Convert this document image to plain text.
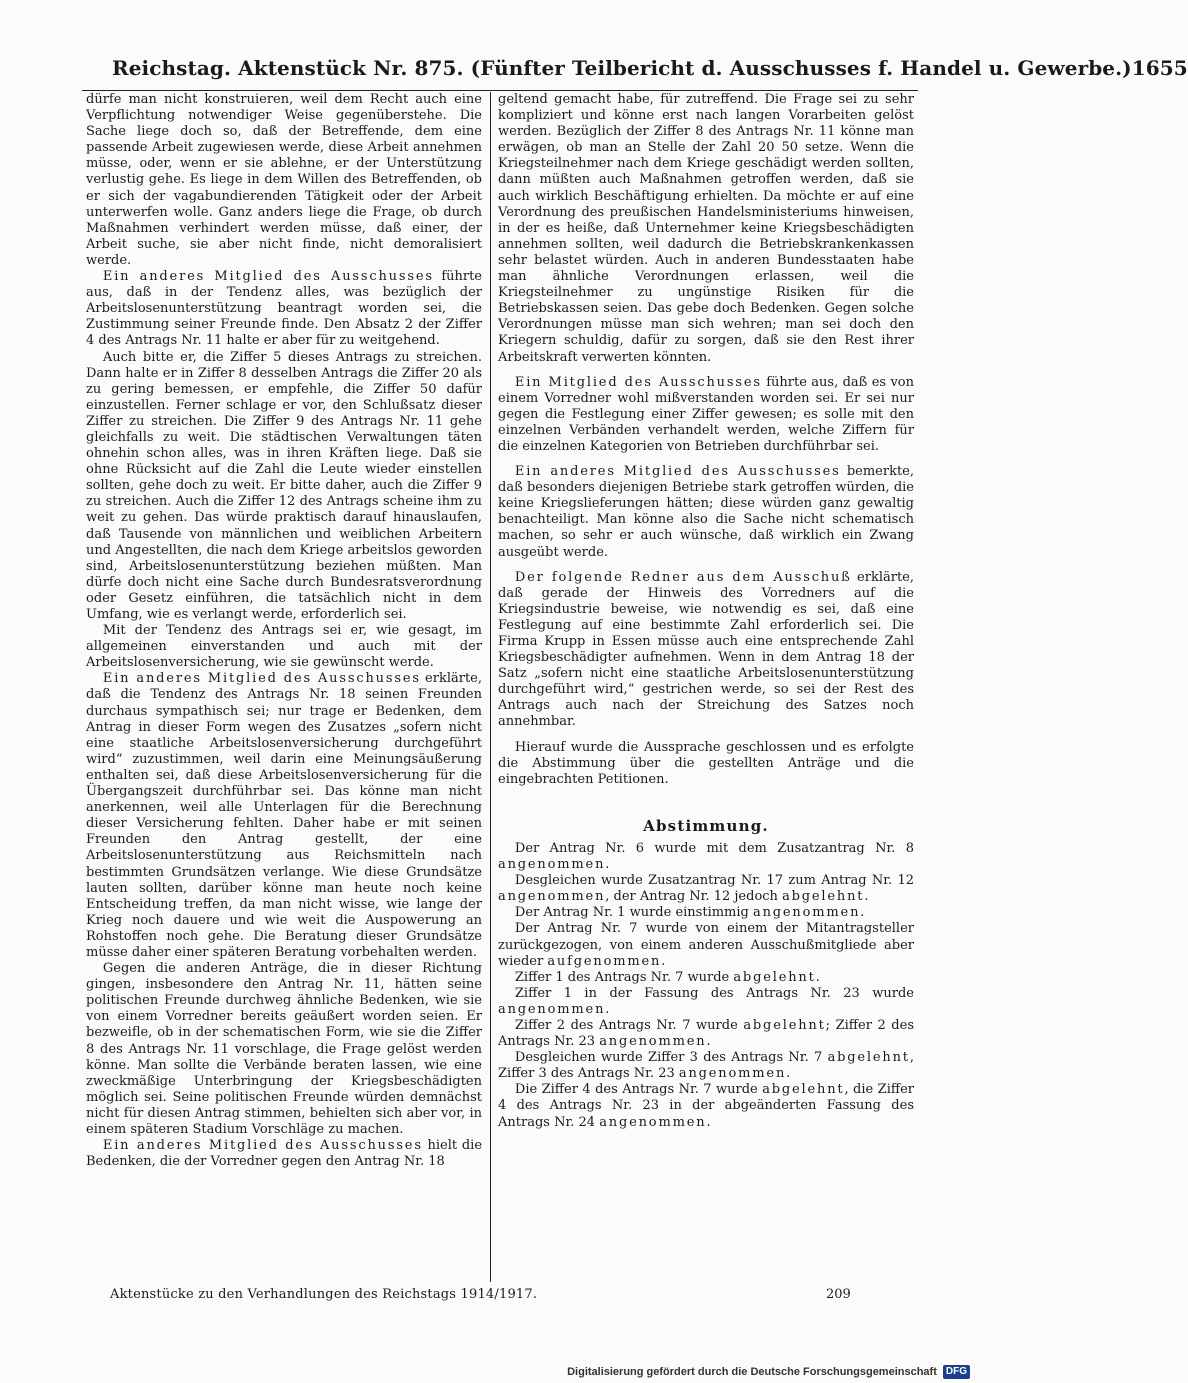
Reichstag. Aktenstück Nr. 875. (Fünfter Teilbericht d. Ausschusses f. Handel u. Gewerbe.) 1655

dürfe man nicht konstruieren, weil dem Recht auch eine Verpflichtung notwendiger Weise gegenüberstehe. Die Sache liege doch so, daß der Betreffende, dem eine passende Arbeit zugewiesen werde, diese Arbeit annehmen müsse, oder, wenn er sie ablehne, er der Unterstützung verlustig gehe. Es liege in dem Willen des Betreffenden, ob er sich der vagabundierenden Tätigkeit oder der Arbeit unterwerfen wolle. Ganz anders liege die Frage, ob durch Maßnahmen verhindert werden müsse, daß einer, der Arbeit suche, sie aber nicht finde, nicht demoralisiert werde.

Ein anderes Mitglied des Ausschusses führte aus, daß in der Tendenz alles, was bezüglich der Arbeitslosenunterstützung beantragt worden sei, die Zustimmung seiner Freunde finde. Den Absatz 2 der Ziffer 4 des Antrags Nr. 11 halte er aber für zu weitgehend.

Auch bitte er, die Ziffer 5 dieses Antrags zu streichen. Dann halte er in Ziffer 8 desselben Antrags die Ziffer 20 als zu gering bemessen, er empfehle, die Ziffer 50 dafür einzustellen. Ferner schlage er vor, den Schlußsatz dieser Ziffer zu streichen. Die Ziffer 9 des Antrags Nr. 11 gehe gleichfalls zu weit. Die städtischen Verwaltungen täten ohnehin schon alles, was in ihren Kräften liege. Daß sie ohne Rücksicht auf die Zahl die Leute wieder einstellen sollten, gehe doch zu weit. Er bitte daher, auch die Ziffer 9 zu streichen. Auch die Ziffer 12 des Antrags scheine ihm zu weit zu gehen. Das würde praktisch darauf hinauslaufen, daß Tausende von männlichen und weiblichen Arbeitern und Angestellten, die nach dem Kriege arbeitslos geworden sind, Arbeitslosenunterstützung beziehen müßten. Man dürfe doch nicht eine Sache durch Bundesratsverordnung oder Gesetz einführen, die tatsächlich nicht in dem Umfang, wie es verlangt werde, erforderlich sei.

Mit der Tendenz des Antrags sei er, wie gesagt, im allgemeinen einverstanden und auch mit der Arbeitslosenversicherung, wie sie gewünscht werde.

Ein anderes Mitglied des Ausschusses erklärte, daß die Tendenz des Antrags Nr. 18 seinen Freunden durchaus sympathisch sei; nur trage er Bedenken, dem Antrag in dieser Form wegen des Zusatzes „sofern nicht eine staatliche Arbeitslosenversicherung durchgeführt wird“ zuzustimmen, weil darin eine Meinungsäußerung enthalten sei, daß diese Arbeitslosenversicherung für die Übergangszeit durchführbar sei. Das könne man nicht anerkennen, weil alle Unterlagen für die Berechnung dieser Versicherung fehlten. Daher habe er mit seinen Freunden den Antrag gestellt, der eine Arbeitslosenunterstützung aus Reichsmitteln nach bestimmten Grundsätzen verlange. Wie diese Grundsätze lauten sollten, darüber könne man heute noch keine Entscheidung treffen, da man nicht wisse, wie lange der Krieg noch dauere und wie weit die Auspowerung an Rohstoffen noch gehe. Die Beratung dieser Grundsätze müsse daher einer späteren Beratung vorbehalten werden.

Gegen die anderen Anträge, die in dieser Richtung gingen, insbesondere den Antrag Nr. 11, hätten seine politischen Freunde durchweg ähnliche Bedenken, wie sie von einem Vorredner bereits geäußert worden seien. Er bezweifle, ob in der schematischen Form, wie sie die Ziffer 8 des Antrags Nr. 11 vorschlage, die Frage gelöst werden könne. Man sollte die Verbände beraten lassen, wie eine zweckmäßige Unterbringung der Kriegsbeschädigten möglich sei. Seine politischen Freunde würden demnächst nicht für diesen Antrag stimmen, behielten sich aber vor, in einem späteren Stadium Vorschläge zu machen.

Ein anderes Mitglied des Ausschusses hielt die Bedenken, die der Vorredner gegen den Antrag Nr. 18

geltend gemacht habe, für zutreffend. Die Frage sei zu sehr kompliziert und könne erst nach langen Vorarbeiten gelöst werden. Bezüglich der Ziffer 8 des Antrags Nr. 11 könne man erwägen, ob man an Stelle der Zahl 20 50 setze. Wenn die Kriegsteilnehmer nach dem Kriege geschädigt werden sollten, dann müßten auch Maßnahmen getroffen werden, daß sie auch wirklich Beschäftigung erhielten. Da möchte er auf eine Verordnung des preußischen Handelsministeriums hinweisen, in der es heiße, daß Unternehmer keine Kriegsbeschädigten annehmen sollten, weil dadurch die Betriebskrankenkassen sehr belastet würden. Auch in anderen Bundesstaaten habe man ähnliche Verordnungen erlassen, weil die Kriegsteilnehmer zu ungünstige Risiken für die Betriebskassen seien. Das gebe doch Bedenken. Gegen solche Verordnungen müsse man sich wehren; man sei doch den Kriegern schuldig, dafür zu sorgen, daß sie den Rest ihrer Arbeitskraft verwerten könnten.

Ein Mitglied des Ausschusses führte aus, daß es von einem Vorredner wohl mißverstanden worden sei. Er sei nur gegen die Festlegung einer Ziffer gewesen; es solle mit den einzelnen Verbänden verhandelt werden, welche Ziffern für die einzelnen Kategorien von Betrieben durchführbar sei.

Ein anderes Mitglied des Ausschusses bemerkte, daß besonders diejenigen Betriebe stark getroffen würden, die keine Kriegslieferungen hätten; diese würden ganz gewaltig benachteiligt. Man könne also die Sache nicht schematisch machen, so sehr er auch wünsche, daß wirklich ein Zwang ausgeübt werde.

Der folgende Redner aus dem Ausschuß erklärte, daß gerade der Hinweis des Vorredners auf die Kriegsindustrie beweise, wie notwendig es sei, daß eine Festlegung auf eine bestimmte Zahl erforderlich sei. Die Firma Krupp in Essen müsse auch eine entsprechende Zahl Kriegsbeschädigter aufnehmen. Wenn in dem Antrag 18 der Satz „sofern nicht eine staatliche Arbeitslosenunterstützung durchgeführt wird,“ gestrichen werde, so sei der Rest des Antrags auch nach der Streichung des Satzes noch annehmbar.

Hierauf wurde die Aussprache geschlossen und es erfolgte die Abstimmung über die gestellten Anträge und die eingebrachten Petitionen.

Abstimmung.

Der Antrag Nr. 6 wurde mit dem Zusatzantrag Nr. 8 angenommen.

Desgleichen wurde Zusatzantrag Nr. 17 zum Antrag Nr. 12 angenommen, der Antrag Nr. 12 jedoch abgelehnt.

Der Antrag Nr. 1 wurde einstimmig angenommen.

Der Antrag Nr. 7 wurde von einem der Mitantragsteller zurückgezogen, von einem anderen Ausschußmitgliede aber wieder aufgenommen.

Ziffer 1 des Antrags Nr. 7 wurde abgelehnt.

Ziffer 1 in der Fassung des Antrags Nr. 23 wurde angenommen.

Ziffer 2 des Antrags Nr. 7 wurde abgelehnt; Ziffer 2 des Antrags Nr. 23 angenommen.

Desgleichen wurde Ziffer 3 des Antrags Nr. 7 abgelehnt, Ziffer 3 des Antrags Nr. 23 angenommen.

Die Ziffer 4 des Antrags Nr. 7 wurde abgelehnt, die Ziffer 4 des Antrags Nr. 23 in der abgeänderten Fassung des Antrags Nr. 24 angenommen.

Aktenstücke zu den Verhandlungen des Reichstags 1914/1917.	209
Digitalisierung gefördert durch die Deutsche Forschungsgemeinschaft DFG
